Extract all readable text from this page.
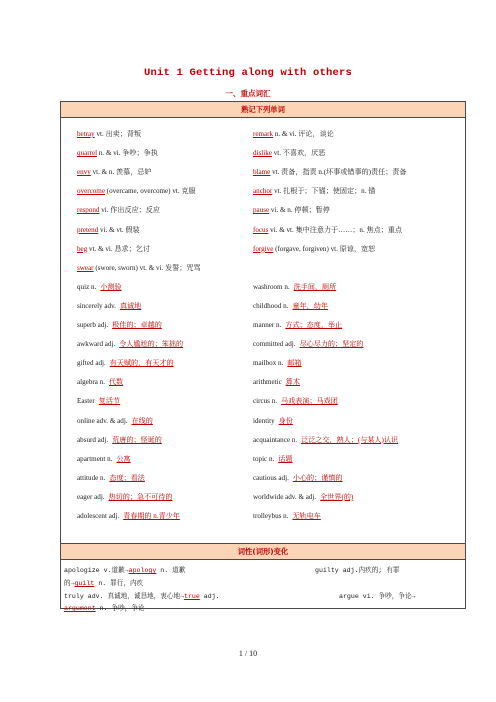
Unit 1 Getting along with others
一、重点词汇
熟记下列单词
betray vt. 出卖；背叛	remark n. & vi. 评论，谈论
quarrel n. & vi. 争吵；争执	dislike vt. 不喜欢，厌恶
envy vt. & n. 羡慕，忌妒	blame vt. 责备，指责 n.(坏事或错事的)责任；责备
overcome (overcame, overcome) vt. 克服	anchor vt. 扎根于；下锚；使固定；n. 锚
respond vi. 作出反应；反应	pause vi. & n. 停顿；暂停
pretend vi. & vt. 假装	focus vi. & vt. 集中注意力于……；n. 焦点；重点
beg vt. & vi. 恳求；乞讨	forgive (forgave, forgiven) vt. 原谅，宽恕
swear (swore, sworn) vt. & vi. 发誓；咒骂
quiz n. 小测验	washroom n. 洗手间，厕所
sincerely adv. 真诚地	childhood n. 童年，幼年
superb adj. 极佳的；卓越的	manner n. 方式；态度，举止
awkward adj. 令人尴尬的；笨拙的	committed adj. 尽心尽力的；坚定的
gifted adj. 有天赋的，有天才的	mailbox n. 邮箱
algebra n. 代数	arithmetic 算术
Easter 复活节	circus n. 马戏表演；马戏团
online adv. & adj. 在线的	identity 身份
absurd adj. 荒唐的；怪诞的	acquaintance n. 泛泛之交，熟人；(与某人)认识
apartment n. 公寓	topic n. 话题
attitude n. 态度；看法	cautious adj. 小心的；谨慎的
eager adj. 热切的；急不可待的	worldwide adv. & adj. 全世界(的)
adolescent adj. 青春期的 n.青少年	trolleybus n. 无轨电车
词性(词形)变化
apologize v.道歉→apology n. 道歉	guilty adj.内疚的; 有罪
的→guilt n. 罪行，内疚
truly adv. 真诚地，诚恳地，衷心地→true adj.	argue vi. 争吵，争论→
argument n. 争吵，争论
1 / 10
